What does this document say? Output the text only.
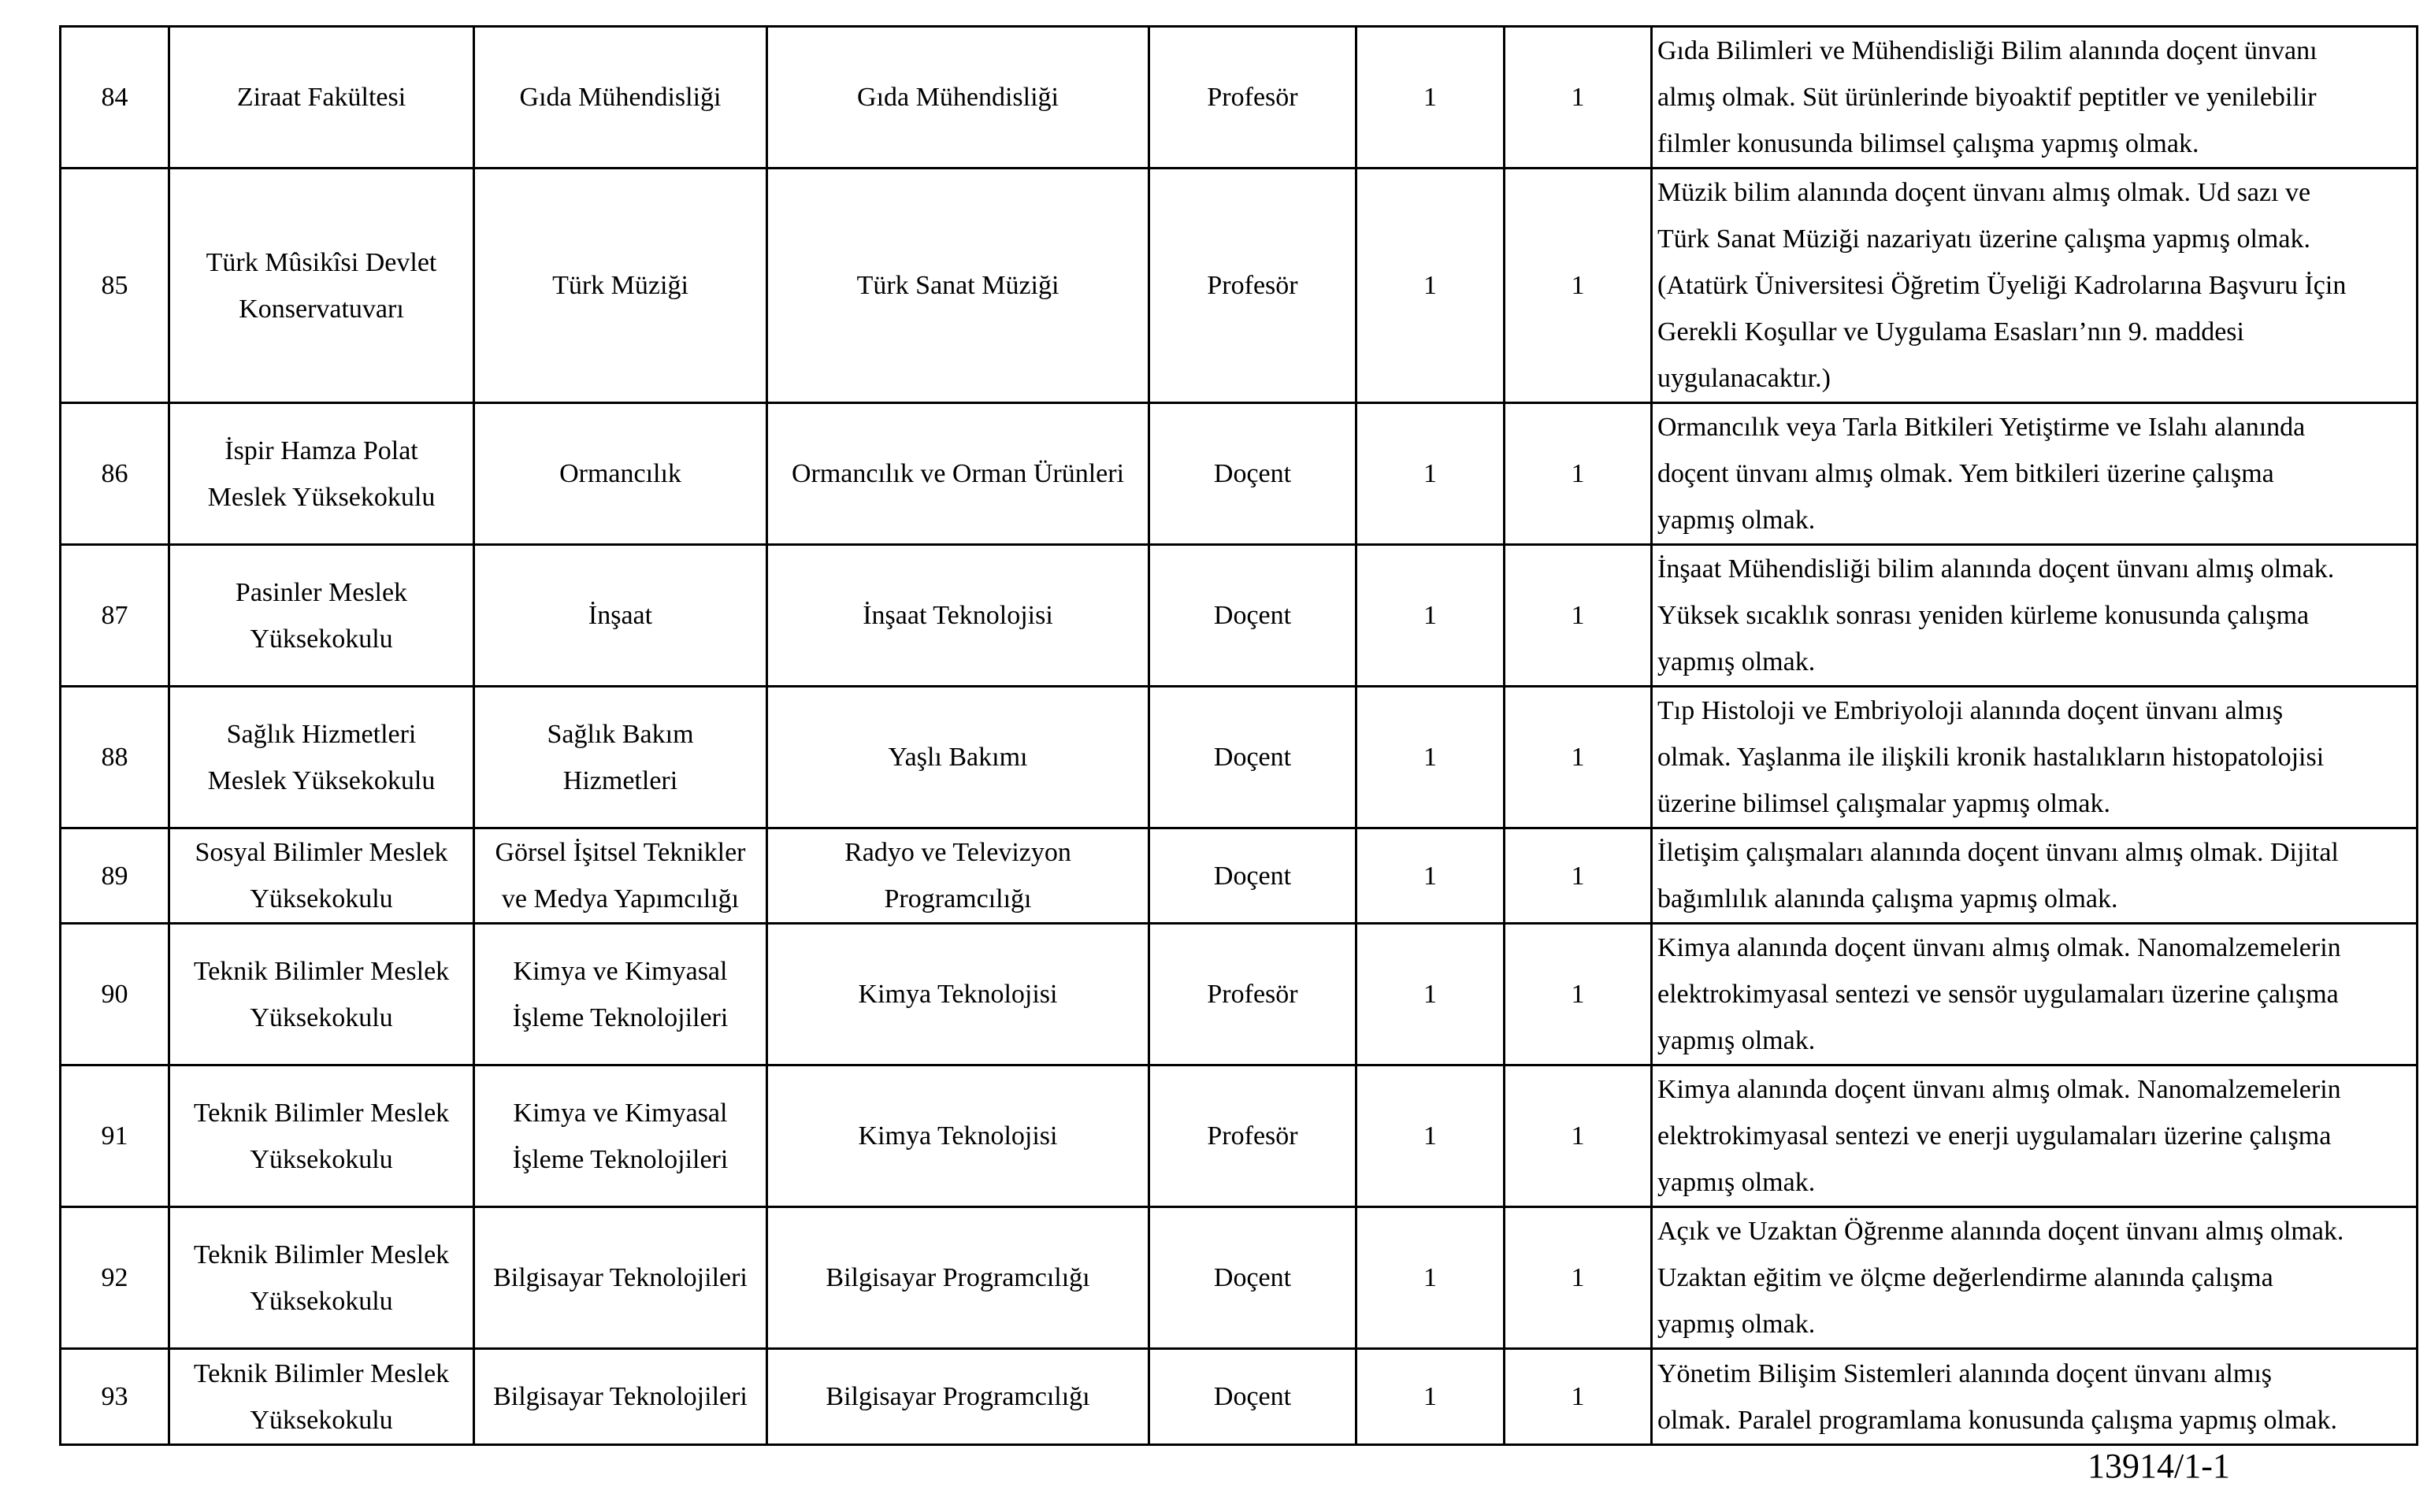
84	Ziraat Fakültesi	Gıda Mühendisliği	Gıda Mühendisliği	Profesör	1	1	Gıda Bilimleri ve Mühendisliği Bilim alanında doçent ünvanı
almış olmak. Süt ürünlerinde biyoaktif peptitler ve yenilebilir
filmler konusunda bilimsel çalışma yapmış olmak.

85	Türk Mûsikîsi Devlet
Konservatuvarı	Türk Müziği	Türk Sanat Müziği	Profesör	1	1	Müzik bilim alanında doçent ünvanı almış olmak. Ud sazı ve
Türk Sanat Müziği nazariyatı üzerine çalışma yapmış olmak.
(Atatürk Üniversitesi Öğretim Üyeliği Kadrolarına Başvuru İçin
Gerekli Koşullar ve Uygulama Esasları’nın 9. maddesi
uygulanacaktır.)

86	İspir Hamza Polat
Meslek Yüksekokulu	Ormancılık	Ormancılık ve Orman Ürünleri	Doçent	1	1	Ormancılık veya Tarla Bitkileri Yetiştirme ve Islahı alanında
doçent ünvanı almış olmak. Yem bitkileri üzerine çalışma
yapmış olmak.

87	Pasinler Meslek
Yüksekokulu	İnşaat	İnşaat Teknolojisi	Doçent	1	1	İnşaat Mühendisliği bilim alanında doçent ünvanı almış olmak.
Yüksek sıcaklık sonrası yeniden kürleme konusunda çalışma
yapmış olmak.

88	Sağlık Hizmetleri
Meslek Yüksekokulu	Sağlık Bakım
Hizmetleri	Yaşlı Bakımı	Doçent	1	1	Tıp Histoloji ve Embriyoloji alanında doçent ünvanı almış
olmak. Yaşlanma ile ilişkili kronik hastalıkların histopatolojisi
üzerine bilimsel çalışmalar yapmış olmak.

89	Sosyal Bilimler Meslek
Yüksekokulu	Görsel İşitsel Teknikler
ve Medya Yapımcılığı	Radyo ve Televizyon
Programcılığı	Doçent	1	1	İletişim çalışmaları alanında doçent ünvanı almış olmak. Dijital
bağımlılık alanında çalışma yapmış olmak.

90	Teknik Bilimler Meslek
Yüksekokulu	Kimya ve Kimyasal
İşleme Teknolojileri	Kimya Teknolojisi	Profesör	1	1	Kimya alanında doçent ünvanı almış olmak. Nanomalzemelerin
elektrokimyasal sentezi ve sensör uygulamaları üzerine çalışma
yapmış olmak.

91	Teknik Bilimler Meslek
Yüksekokulu	Kimya ve Kimyasal
İşleme Teknolojileri	Kimya Teknolojisi	Profesör	1	1	Kimya alanında doçent ünvanı almış olmak. Nanomalzemelerin
elektrokimyasal sentezi ve enerji uygulamaları üzerine çalışma
yapmış olmak.

92	Teknik Bilimler Meslek
Yüksekokulu	Bilgisayar Teknolojileri	Bilgisayar Programcılığı	Doçent	1	1	Açık ve Uzaktan Öğrenme alanında doçent ünvanı almış olmak.
Uzaktan eğitim ve ölçme değerlendirme alanında çalışma
yapmış olmak.

93	Teknik Bilimler Meslek
Yüksekokulu	Bilgisayar Teknolojileri	Bilgisayar Programcılığı	Doçent	1	1	Yönetim Bilişim Sistemleri alanında doçent ünvanı almış
olmak. Paralel programlama konusunda çalışma yapmış olmak.
13914/1-1
